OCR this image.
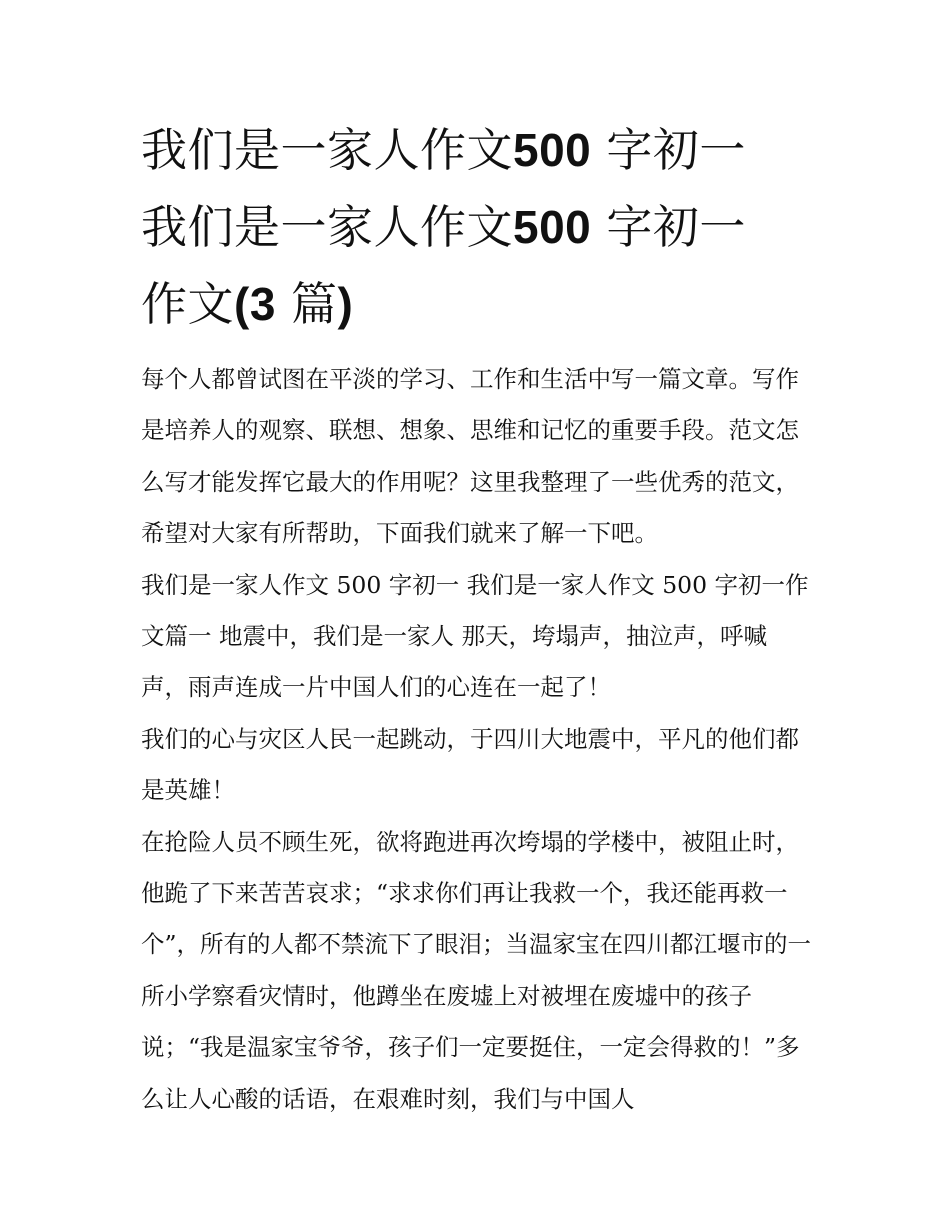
我们是一家人作文500 字初一
我们是一家人作文500 字初一
作文(3 篇)

每个人都曾试图在平淡的学习、工作和生活中写一篇文章。写作是培养人的观察、联想、想象、思维和记忆的重要手段。范文怎么写才能发挥它最大的作用呢？这里我整理了一些优秀的范文，希望对大家有所帮助，下面我们就来了解一下吧。

我们是一家人作文 500 字初一 我们是一家人作文 500 字初一作文篇一 地震中，我们是一家人 那天，垮塌声，抽泣声，呼喊声，雨声连成一片中国人们的心连在一起了！

我们的心与灾区人民一起跳动，于四川大地震中，平凡的他们都是英雄！

在抢险人员不顾生死，欲将跑进再次垮塌的学楼中，被阻止时，他跪了下来苦苦哀求；“求求你们再让我救一个，我还能再救一个”，所有的人都不禁流下了眼泪；当温家宝在四川都江堰市的一所小学察看灾情时，他蹲坐在废墟上对被埋在废墟中的孩子说；“我是温家宝爷爷，孩子们一定要挺住，一定会得救的！”多么让人心酸的话语，在艰难时刻，我们与中国人
